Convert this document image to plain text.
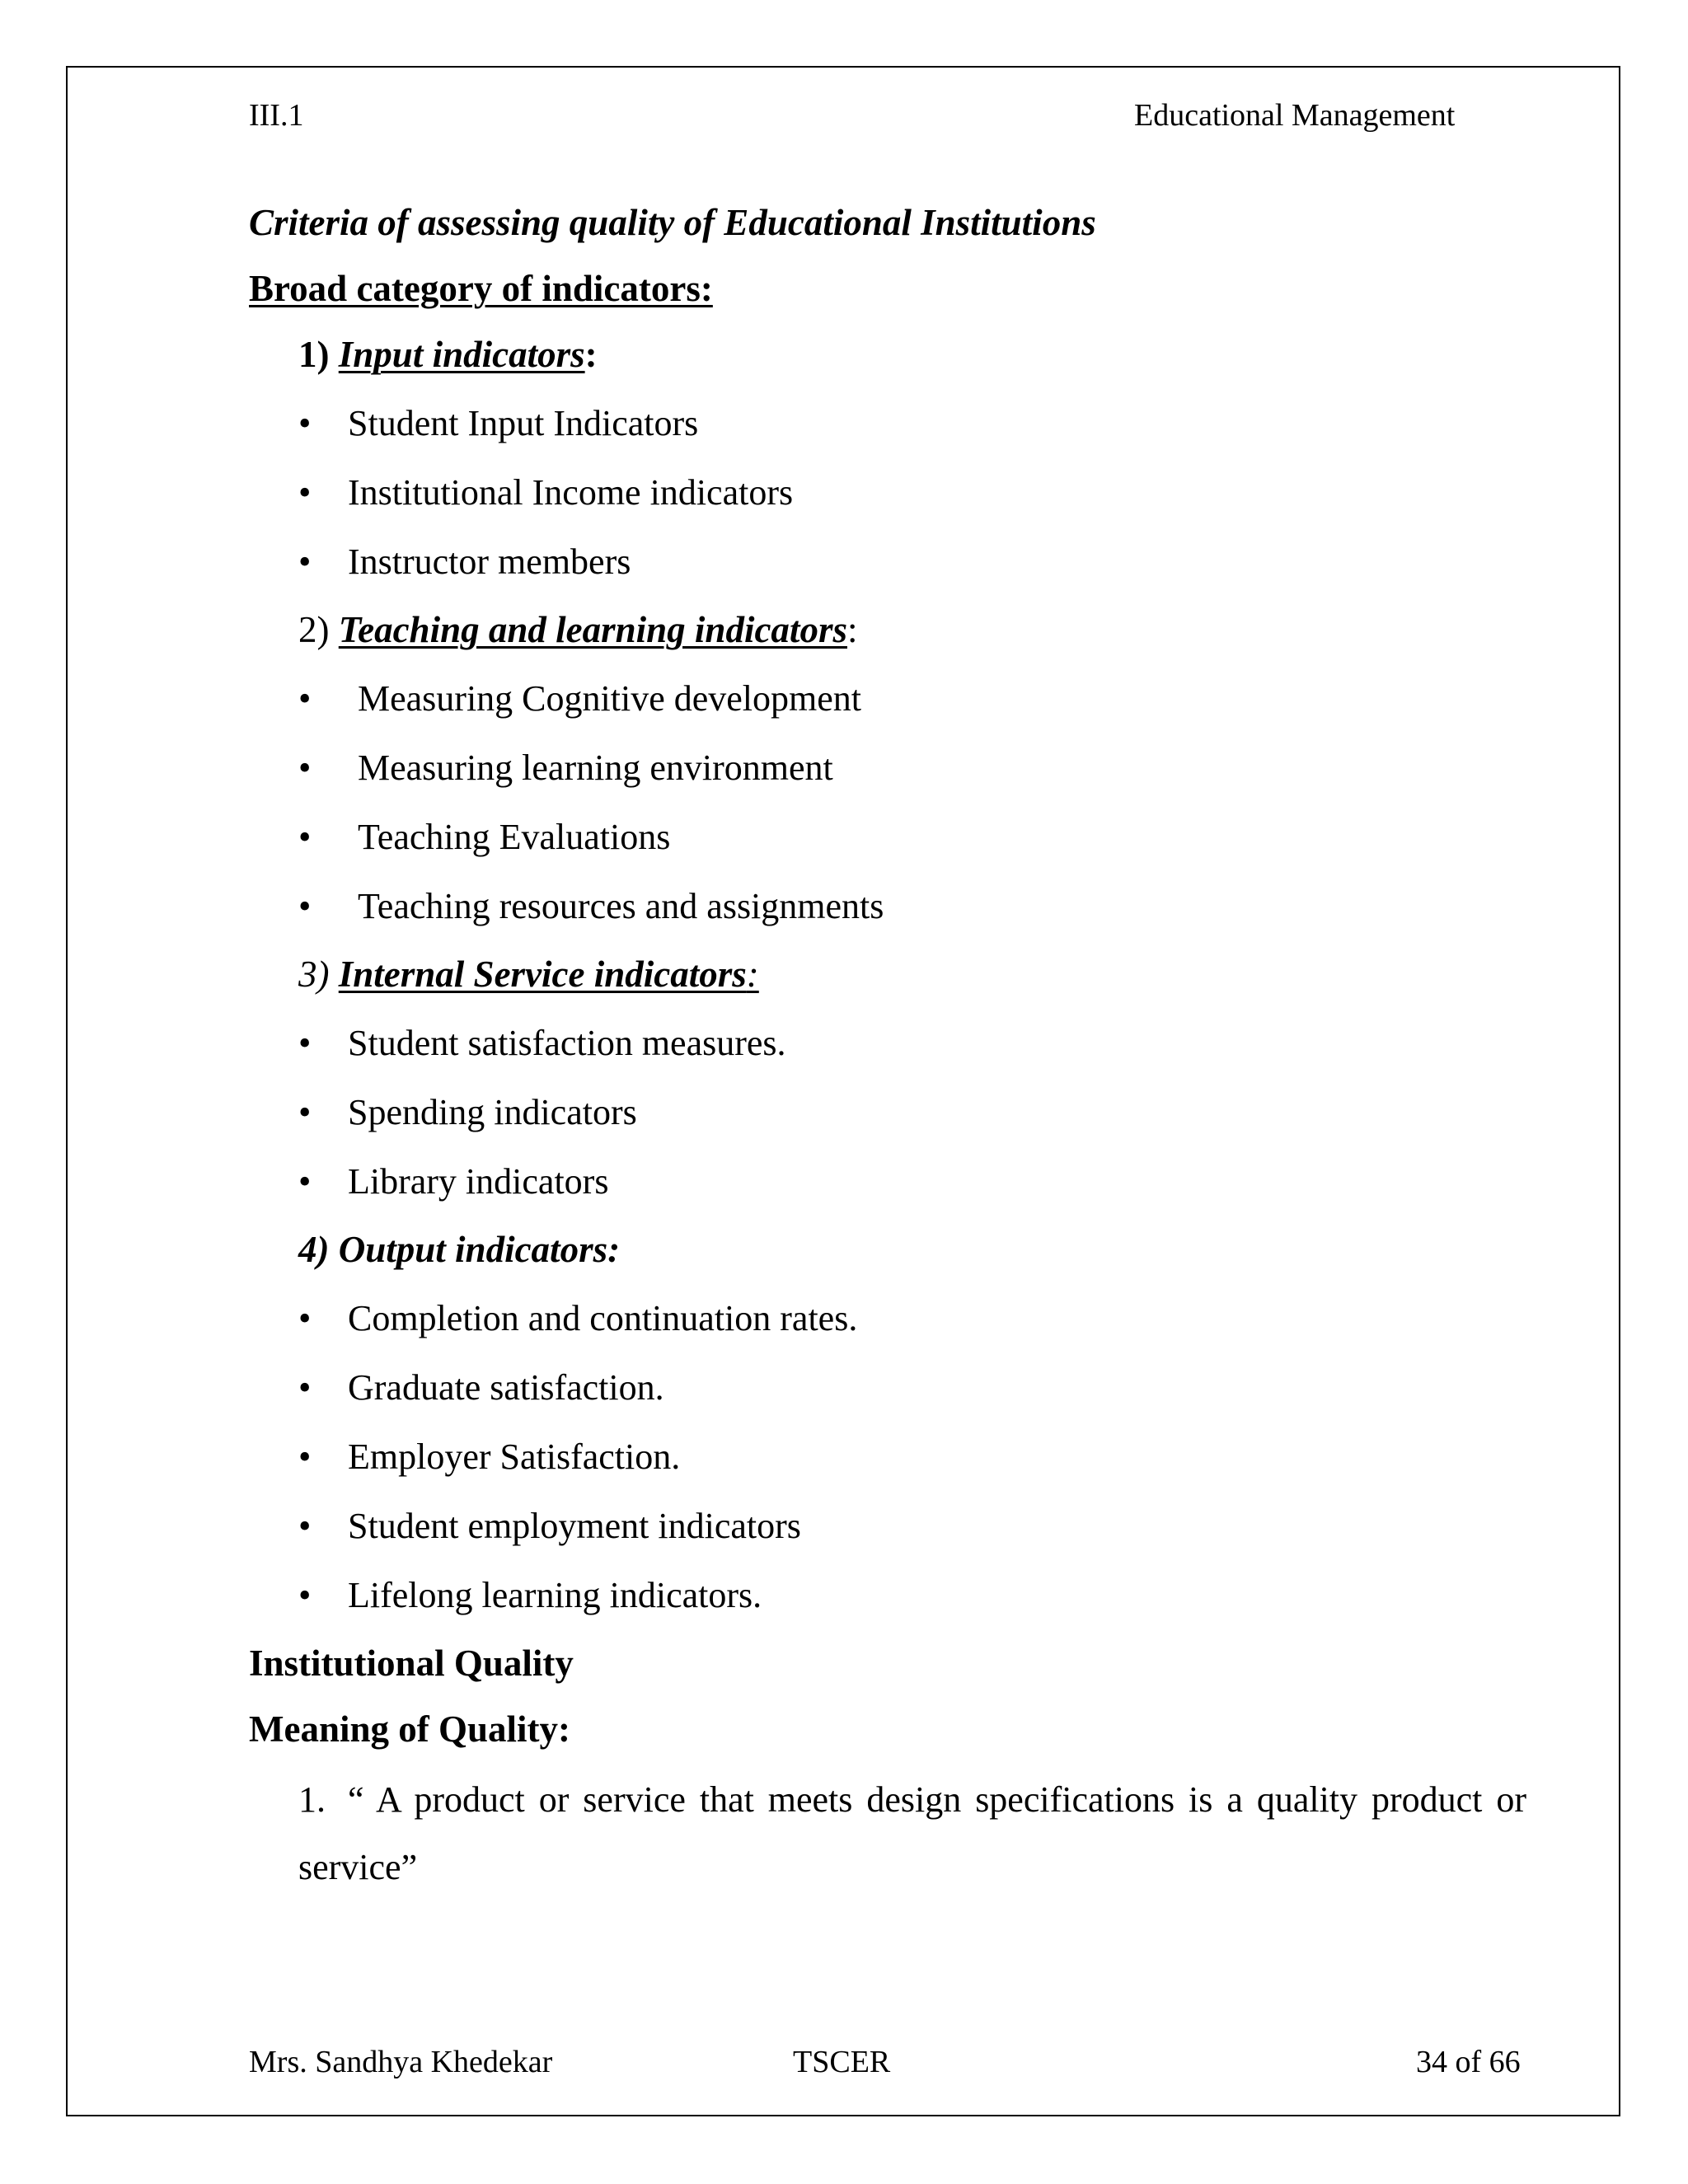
III.1	Educational Management
Criteria of assessing quality of Educational Institutions
Broad category of indicators:
1) Input indicators:
• Student Input Indicators
• Institutional Income indicators
• Instructor members
2) Teaching and learning indicators:
• Measuring Cognitive development
• Measuring learning environment
• Teaching Evaluations
• Teaching resources and assignments
3) Internal Service indicators:
• Student satisfaction measures.
• Spending indicators
• Library indicators
4) Output indicators:
• Completion and continuation rates.
• Graduate satisfaction.
• Employer Satisfaction.
• Student employment indicators
• Lifelong learning indicators.
Institutional Quality
Meaning of Quality:
1. “ A product or service that meets design specifications is a quality product or service”
Mrs. Sandhya Khedekar	TSCER	34 of 66
